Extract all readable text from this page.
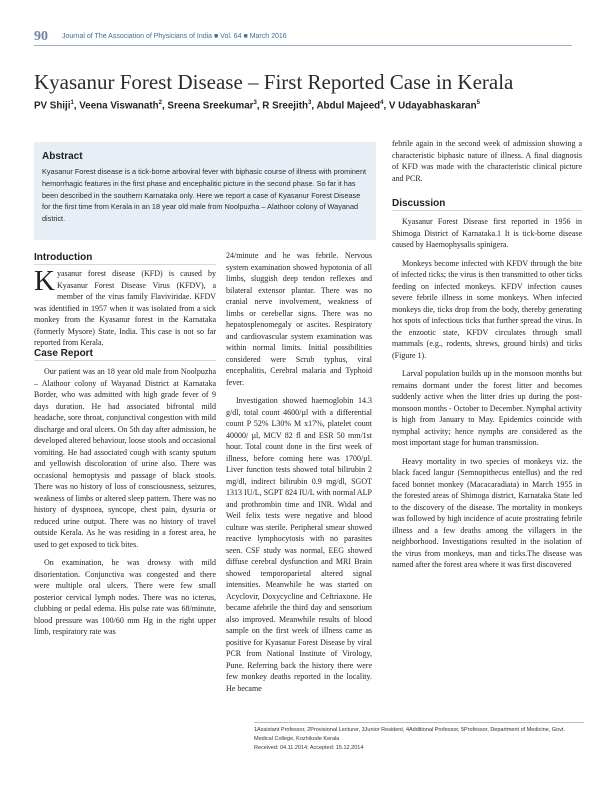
90 Journal of The Association of Physicians of India ■ Vol. 64 ■ March 2016
Kyasanur Forest Disease – First Reported Case in Kerala
PV Shiji$^1$, Veena Viswanath$^2$, Sreena Sreekumar$^3$, R Sreejith$^3$, Abdul Majeed$^4$, V Udayabhaskaran$^5$
Abstract

Kyasanur Forest disease is a tick-borne arboviral fever with biphasic course of illness with prominent hemorrhagic features in the first phase and encephalitic picture in the second phase. So far it has been described in the southern Karnataka only. Here we report a case of Kyasanur Forest Disease for the first time from Kerala in an 18 year old male from Noolpuzha – Alathoor colony of Wayanad district.

Introduction

Kyasanur forest disease (KFD) is caused by Kyasanur Forest Disease Virus (KFDV), a member of the virus family Flaviviridae. KFDV was identified in 1957 when it was isolated from a sick monkey from the Kyasanur forest in the Karnataka (formerly Mysore) State, India. This case is not so far reported from Kerala.

Case Report

Our patient was an 18 year old male from Noolpuzha – Alathoor colony of Wayanad District at Karnataka Border, who was admitted with high grade fever of 9 days duration. He had associated bifrontal mild headache, sore throat, conjunctival congestion with mild discharge and oral ulcers. On 5th day after admission, he developed altered behaviour, loose stools and occasional vomiting. He had associated cough with scanty sputum and yellowish discoloration of urine also. There was occasional hemoptysis and passage of black stools. There was no history of loss of consciousness, seizures, weakness of limbs or altered sleep pattern. There was no history of dyspnoea, syncope, chest pain, dysuria or reduced urine output. There was no history of travel outside Kerala. As he was residing in a forest area, he used to get exposed to tick bites.

On examination, he was drowsy with mild disorientation. Conjunctiva was congested and there were multiple oral ulcers. There were few small posterior cervical lymph nodes. There was no icterus, clubbing or pedal edema. His pulse rate was 68/minute, blood pressure was 100/60 mm Hg in the right upper limb, respiratory rate was

24/minute and he was febrile. Nervous system examination showed hypotonia of all limbs, sluggish deep tendon reflexes and bilateral extensor plantar. There was no cranial nerve involvement, weakness of limbs or cerebellar signs. There was no hepatosplenomegaly or ascites. Respiratory and cardiovascular system examination was within normal limits. Initial possibilities considered were Scrub typhus, viral encephalitis, Cerebral malaria and Typhoid fever.

Investigation showed haemoglobin 14.3 g/dl, total count 4600/µl with a differential count P 52% L30% M x17%, platelet count 40000/ µl, MCV 82 fl and ESR 50 mm/1st hour. Total count done in the first week of illness, before coming here was 1700/µl. Liver function tests showed total bilirubin 2 mg/dl, indirect bilirubin 0.9 mg/dl, SGOT 1313 IU/L, SGPT 824 IU/L with normal ALP and prothrombin time and INR. Widal and Weil felix tests were negative and blood culture was sterile. Peripheral smear showed reactive lymphocytosis with no parasites seen. CSF study was normal, EEG showed diffuse cerebral dysfunction and MRI Brain showed temporoparietal altered signal intensities. Meanwhile he was started on Acyclovir, Doxycycline and Ceftriaxone. He became afebrile the third day and sensorium also improved. Meanwhile results of blood sample on the first week of illness came as positive for Kyasanur Forest Disease by viral PCR from National Institute of Virology, Pune. Referring back the history there were few monkey deaths reported in the locality. He became

febrile again in the second week of admission showing a characteristic biphasic nature of illness. A final diagnosis of KFD was made with the characteristic clinical picture and PCR.

Discussion

Kyasanur Forest Disease first reported in 1956 in Shimoga District of Karnataka.1 It is tick-borne disease caused by Haemophysalis spinigera.

Monkeys become infected with KFDV through the bite of infected ticks; the virus is then transmitted to other ticks feeding on infected monkeys. KFDV infection causes severe febrile illness in some monkeys. When infected monkeys die, ticks drop from the body, thereby generating hot spots of infectious ticks that further spread the virus. In the enzootic state, KFDV circulates through small mammals (e.g., rodents, shrews, ground birds) and ticks (Figure 1).

Larval population builds up in the monsoon months but remains dormant under the forest litter and becomes suddenly active when the litter dries up during the post-monsoon months - October to December. Nymphal activity is high from January to May. Epidemics coincide with nymphal activity; hence nymphs are considered as the most important stage for human transmission.

Heavy mortality in two species of monkeys viz. the black faced langur (Semnopithecus entellus) and the red faced bonnet monkey (Macacaradiata) in March 1955 in the forested areas of Shimoga district, Karnataka State led to the discovery of the disease. The mortality in monkeys was followed by high incidence of acute prostrating febrile illness and a few deaths among the villagers in the neighborhood. Investigations resulted in the isolation of the virus from monkeys, man and ticks.The disease was named after the forest area where it was first discovered

1Assistant Professor, 2Provisional Lecturer, 3Junior Resident, 4Additional Professor, 5Professor, Department of Medicine, Govt. Medical College, Kozhikode Kerala
Received: 04.11.2014; Accepted: 15.12.2014
